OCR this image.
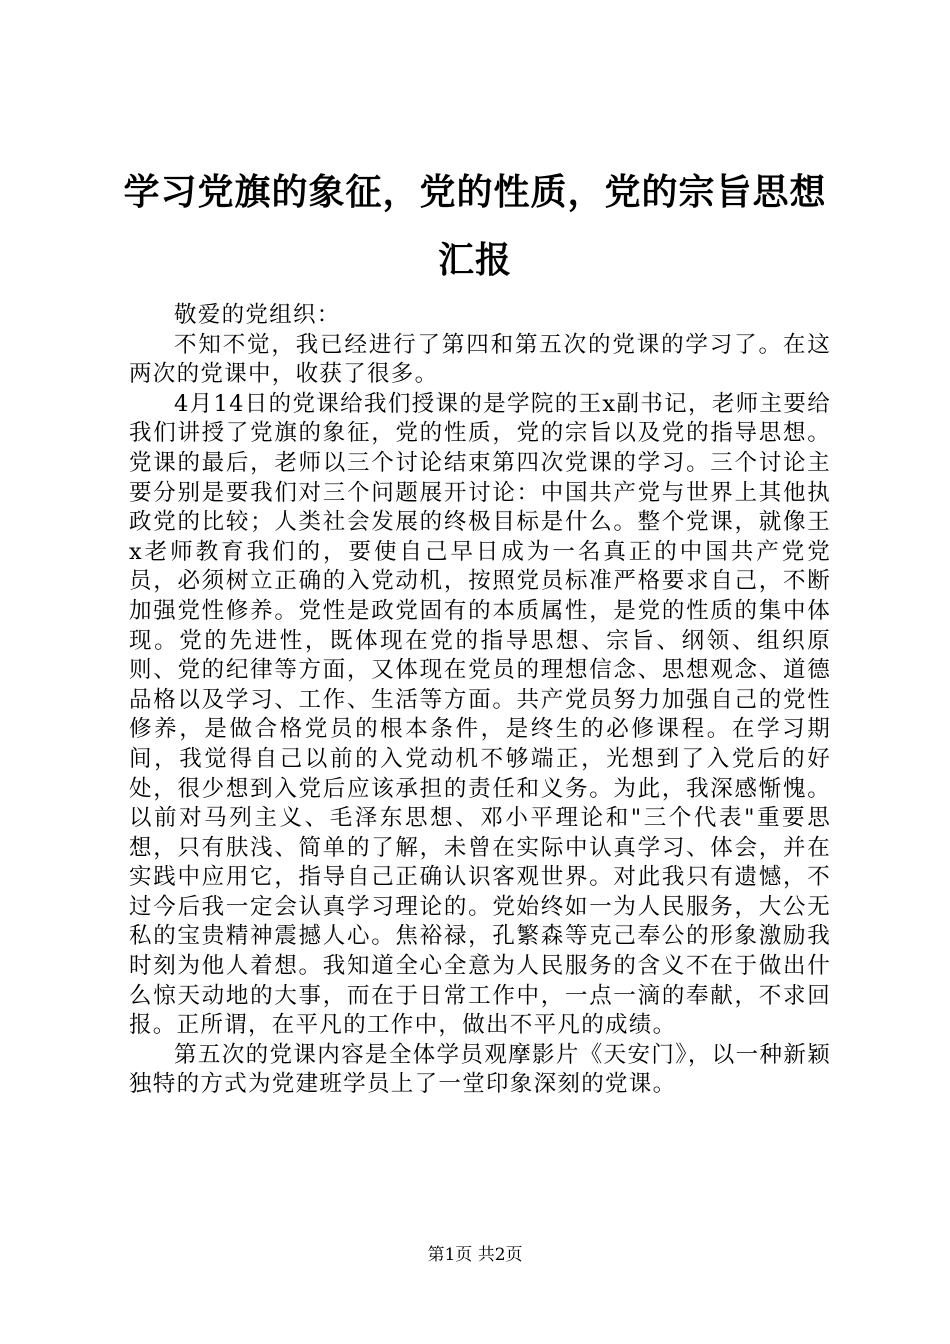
学习党旗的象征，党的性质，党的宗旨思想汇报

敬爱的党组织：

不知不觉，我已经进行了第四和第五次的党课的学习了。在这两次的党课中，收获了很多。

4月14日的党课给我们授课的是学院的王x副书记，老师主要给我们讲授了党旗的象征，党的性质，党的宗旨以及党的指导思想。党课的最后，老师以三个讨论结束第四次党课的学习。三个讨论主要分别是要我们对三个问题展开讨论：中国共产党与世界上其他执政党的比较；人类社会发展的终极目标是什么。整个党课，就像王x老师教育我们的，要使自己早日成为一名真正的中国共产党党员，必须树立正确的入党动机，按照党员标准严格要求自己，不断加强党性修养。党性是政党固有的本质属性，是党的性质的集中体现。党的先进性，既体现在党的指导思想、宗旨、纲领、组织原则、党的纪律等方面，又体现在党员的理想信念、思想观念、道德品格以及学习、工作、生活等方面。共产党员努力加强自己的党性修养，是做合格党员的根本条件，是终生的必修课程。在学习期间，我觉得自己以前的入党动机不够端正，光想到了入党后的好处，很少想到入党后应该承担的责任和义务。为此，我深感惭愧。以前对马列主义、毛泽东思想、邓小平理论和"三个代表"重要思想，只有肤浅、简单的了解，未曾在实际中认真学习、体会，并在实践中应用它，指导自己正确认识客观世界。对此我只有遗憾，不过今后我一定会认真学习理论的。党始终如一为人民服务，大公无私的宝贵精神震撼人心。焦裕禄，孔繁森等克己奉公的形象激励我时刻为他人着想。我知道全心全意为人民服务的含义不在于做出什么惊天动地的大事，而在于日常工作中，一点一滴的奉献，不求回报。正所谓，在平凡的工作中，做出不平凡的成绩。

第五次的党课内容是全体学员观摩影片《天安门》，以一种新颖独特的方式为党建班学员上了一堂印象深刻的党课。

第1页 共2页
